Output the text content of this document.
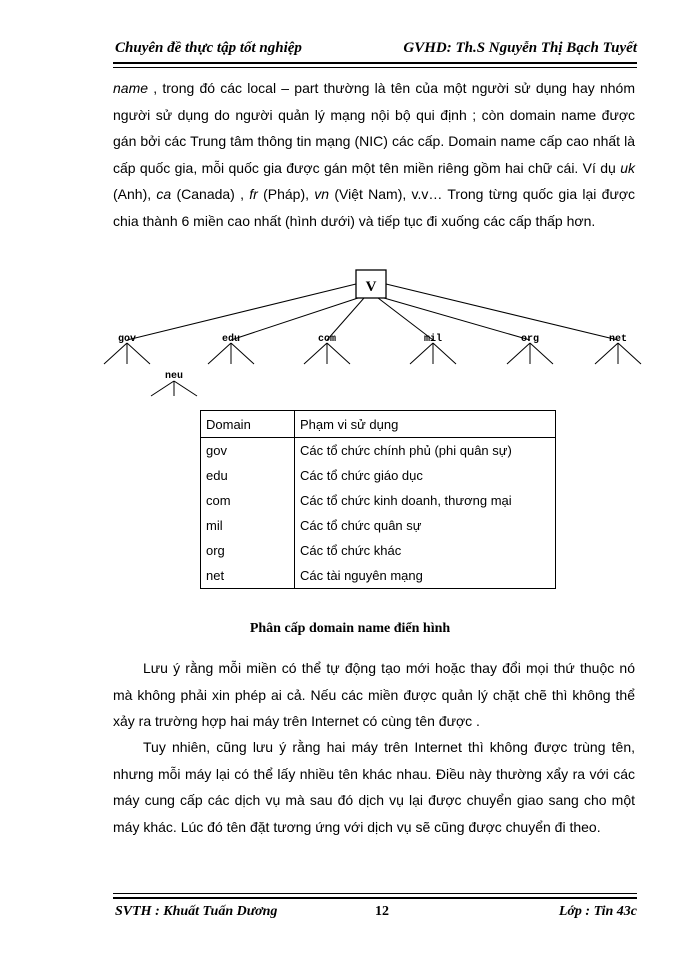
Chuyên đề thực tập tốt nghiệp	GVHD: Th.S Nguyễn Thị Bạch Tuyết

name , trong đó các local – part thường là tên của một người sử dụng hay nhóm người sử dụng do người quản lý mạng nội bộ qui định ; còn domain name được gán bởi các Trung tâm thông tin mạng (NIC) các cấp. Domain name cấp cao nhất là cấp quốc gia, mỗi quốc gia được gán một tên miền riêng gồm hai chữ cái. Ví dụ uk (Anh), ca (Canada) , fr (Pháp), vn (Việt Nam), v.v… Trong từng quốc gia lại được chia thành 6 miền cao nhất (hình dưới) và tiếp tục đi xuống các cấp thấp hơn.

V
gov	edu	com	mil	org	net
neu
Domain	Phạm vi sử dụng
gov	Các tổ chức chính phủ (phi quân sự)
edu	Các tổ chức giáo dục
com	Các tổ chức kinh doanh, thương mại
mil	Các tổ chức quân sự
org	Các tổ chức khác
net	Các tài nguyên mạng
Phân cấp domain name điển hình

Lưu ý rằng mỗi miền có thể tự động tạo mới hoặc thay đổi mọi thứ thuộc nó mà không phải xin phép ai cả. Nếu các miền được quản lý chặt chẽ thì không thể xảy ra trường hợp hai máy trên Internet có cùng tên được .

Tuy nhiên, cũng lưu ý rằng hai máy trên Internet thì không được trùng tên, nhưng mỗi máy lại có thể lấy nhiều tên khác nhau. Điều này thường xẩy ra với các máy cung cấp các dịch vụ mà sau đó dịch vụ lại được chuyển giao sang cho một máy khác. Lúc đó tên đặt tương ứng với dịch vụ sẽ cũng được chuyển đi theo.

SVTH : Khuất Tuấn Dương	12	Lớp : Tin 43c
